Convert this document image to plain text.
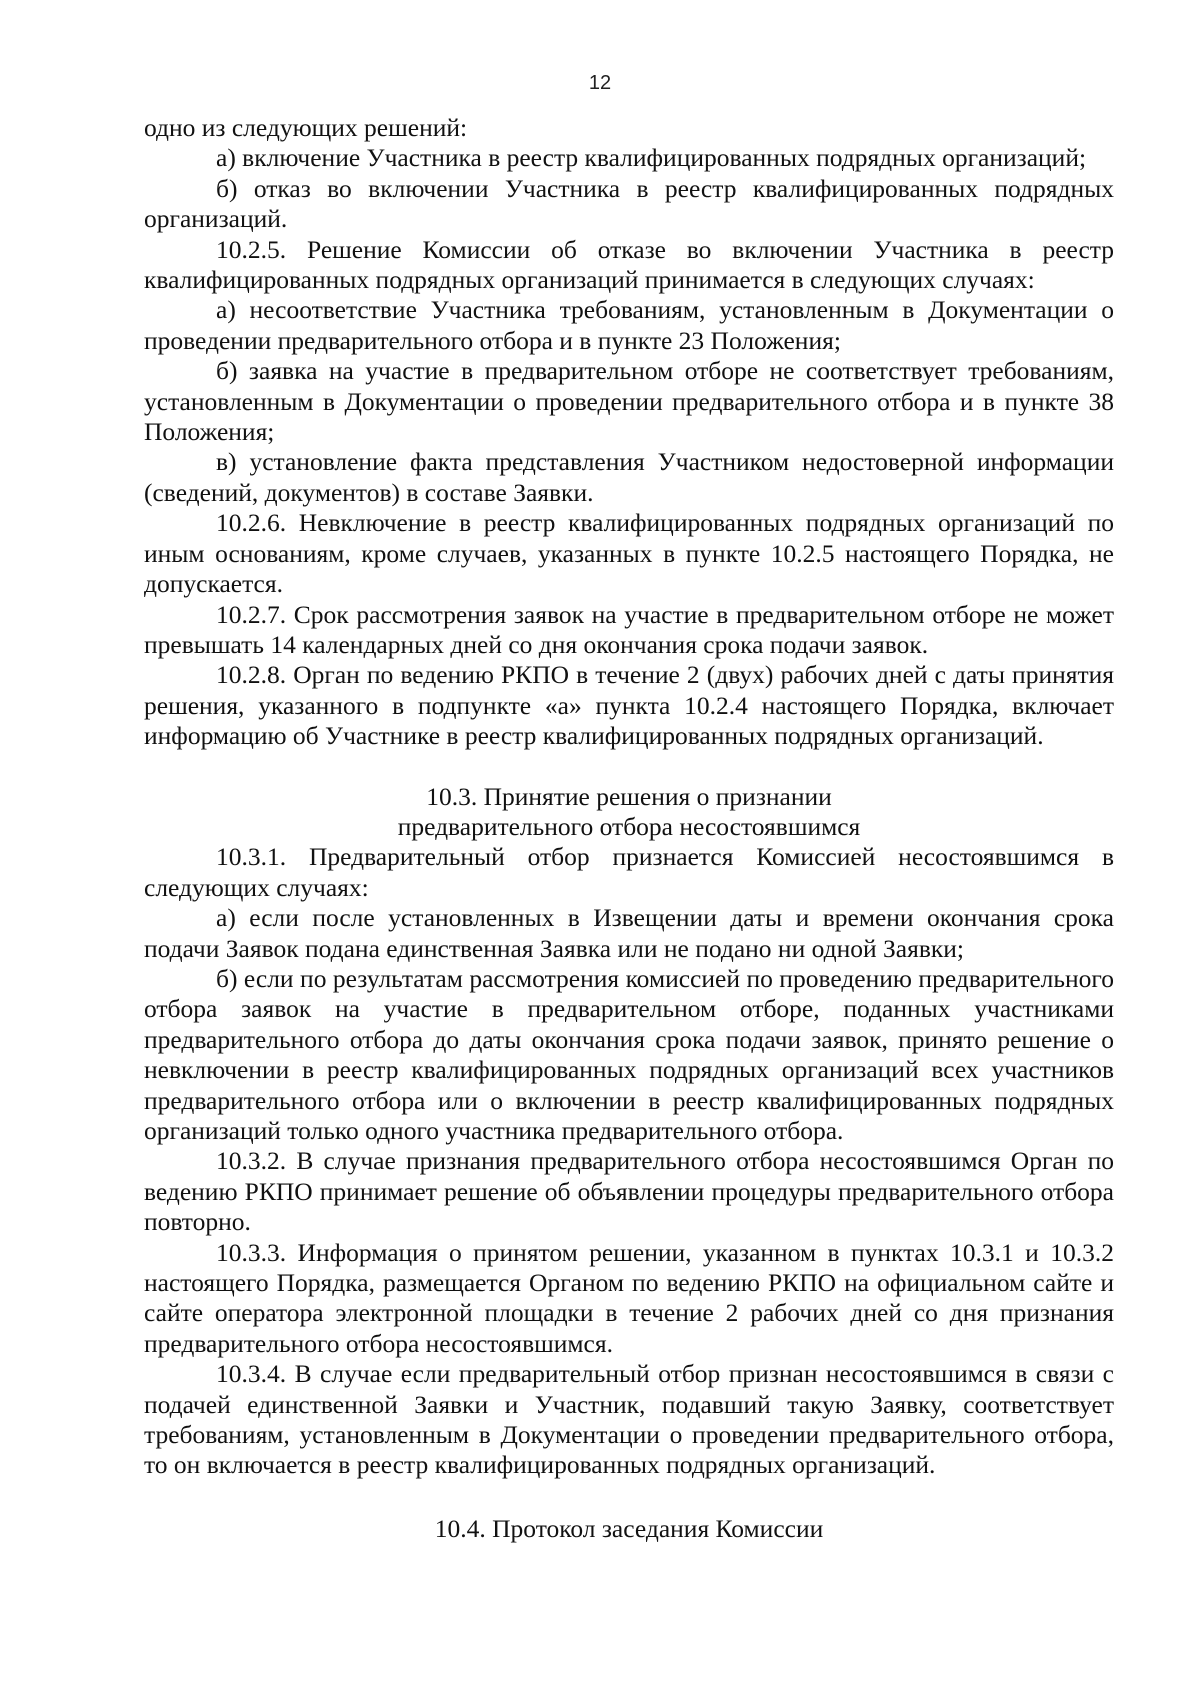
12

одно из следующих решений:

а) включение Участника в реестр квалифицированных подрядных организаций;

б) отказ во включении Участника в реестр квалифицированных подрядных организаций.

10.2.5. Решение Комиссии об отказе во включении Участника в реестр квалифицированных подрядных организаций принимается в следующих случаях:

а) несоответствие Участника требованиям, установленным в Документации о проведении предварительного отбора и в пункте 23 Положения;

б) заявка на участие в предварительном отборе не соответствует требованиям, установленным в Документации о проведении предварительного отбора и в пункте 38 Положения;

в) установление факта представления Участником недостоверной информации (сведений, документов) в составе Заявки.

10.2.6. Невключение в реестр квалифицированных подрядных организаций по иным основаниям, кроме случаев, указанных в пункте 10.2.5 настоящего Порядка, не допускается.

10.2.7. Срок рассмотрения заявок на участие в предварительном отборе не может превышать 14 календарных дней со дня окончания срока подачи заявок.

10.2.8. Орган по ведению РКПО в течение 2 (двух) рабочих дней с даты принятия решения, указанного в подпункте «а» пункта 10.2.4 настоящего Порядка, включает информацию об Участнике в реестр квалифицированных подрядных организаций.

10.3. Принятие решения о признании

предварительного отбора несостоявшимся

10.3.1. Предварительный отбор признается Комиссией несостоявшимся в следующих случаях:

а) если после установленных в Извещении даты и времени окончания срока подачи Заявок подана единственная Заявка или не подано ни одной Заявки;

б) если по результатам рассмотрения комиссией по проведению предварительного отбора заявок на участие в предварительном отборе, поданных участниками предварительного отбора до даты окончания срока подачи заявок, принято решение о невключении в реестр квалифицированных подрядных организаций всех участников предварительного отбора или о включении в реестр квалифицированных подрядных организаций только одного участника предварительного отбора.

10.3.2. В случае признания предварительного отбора несостоявшимся Орган по ведению РКПО принимает решение об объявлении процедуры предварительного отбора повторно.

10.3.3. Информация о принятом решении, указанном в пунктах 10.3.1 и 10.3.2 настоящего Порядка, размещается Органом по ведению РКПО на официальном сайте и сайте оператора электронной площадки в течение 2 рабочих дней со дня признания предварительного отбора несостоявшимся.

10.3.4. В случае если предварительный отбор признан несостоявшимся в связи с подачей единственной Заявки и Участник, подавший такую Заявку, соответствует требованиям, установленным в Документации о проведении предварительного отбора, то он включается в реестр квалифицированных подрядных организаций.

10.4. Протокол заседания Комиссии
